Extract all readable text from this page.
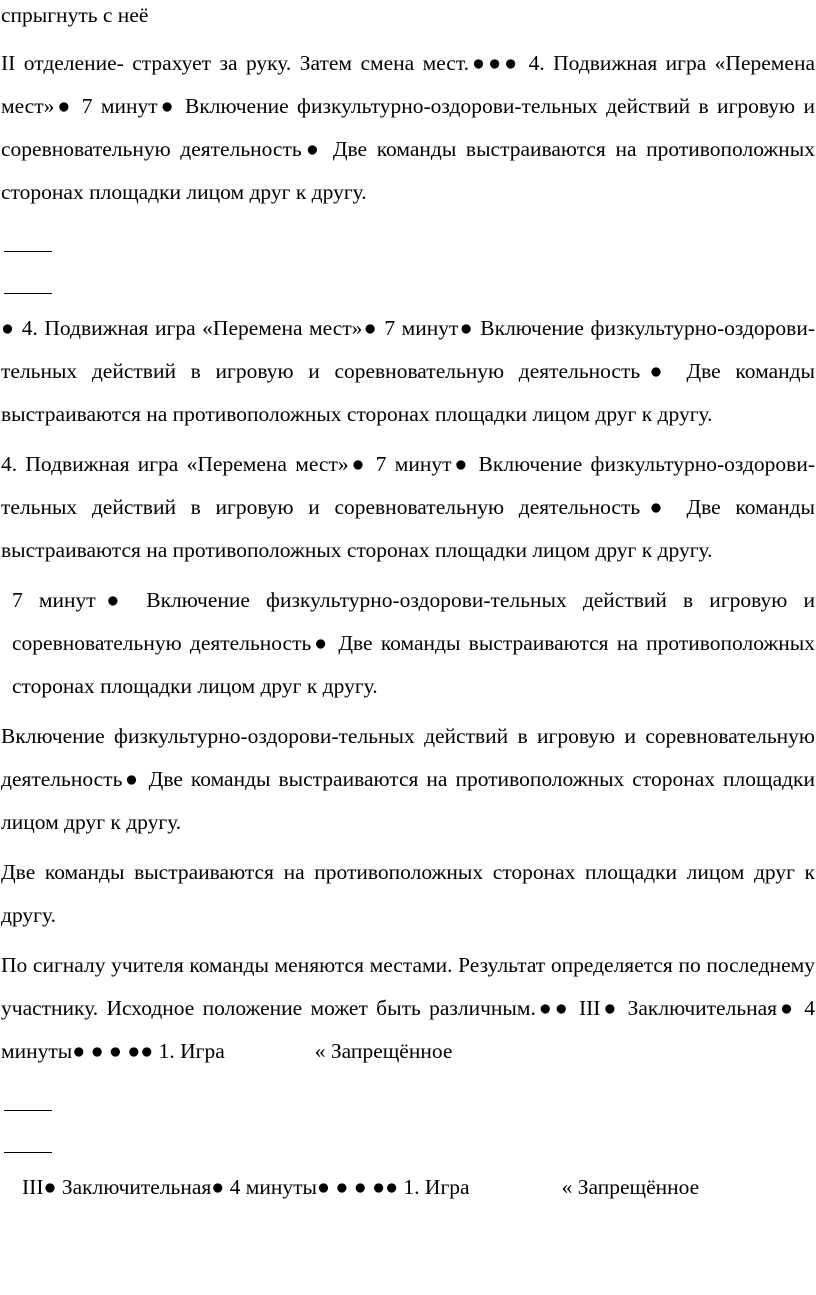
спрыгнуть с неё

II отделение- страхует за руку. Затем смена мест.●●● 4. Подвижная игра «Перемена мест»● 7 минут● Включение физкультурно-оздорови-тельных действий в игровую и соревновательную деятельность● Две команды выстраиваются на противоположных сторонах площадки лицом друг к другу.

● 4. Подвижная игра «Перемена мест»● 7 минут● Включение физкультурно-оздорови-тельных действий в игровую и соревновательную деятельность● Две команды выстраиваются на противоположных сторонах площадки лицом друг к другу.

4. Подвижная игра «Перемена мест»● 7 минут● Включение физкультурно-оздорови-тельных действий в игровую и соревновательную деятельность● Две команды выстраиваются на противоположных сторонах площадки лицом друг к другу.

7 минут● Включение физкультурно-оздорови-тельных действий в игровую и соревновательную деятельность● Две команды выстраиваются на противоположных сторонах площадки лицом друг к другу.

Включение физкультурно-оздорови-тельных действий в игровую и соревновательную деятельность● Две команды выстраиваются на противоположных сторонах площадки лицом друг к другу.

Две команды выстраиваются на противоположных сторонах площадки лицом друг к другу.

По сигналу учителя команды меняются местами. Результат определяется по последнему участнику. Исходное положение может быть различным.●● III● Заключительная● 4 минуты● ● ● ●● 1. Игра	« Запрещённое

III● Заключительная● 4 минуты● ● ● ●● 1. Игра	« Запрещённое
